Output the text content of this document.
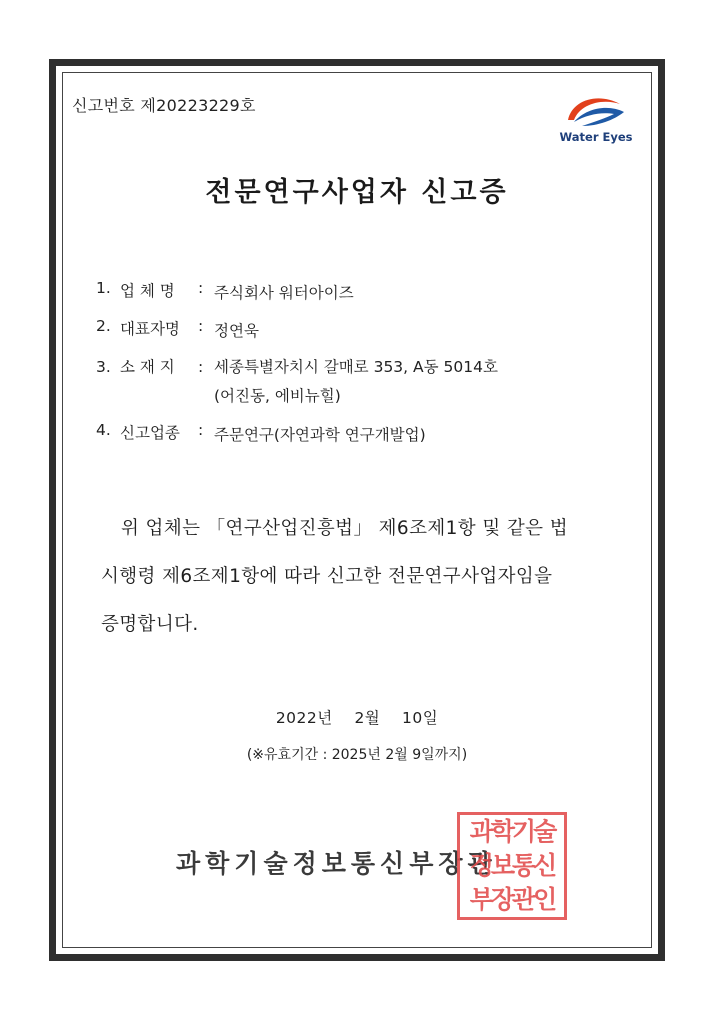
신고번호 제20223229호
Water Eyes
전문연구사업자 신고증
1. 업 체 명	: 주식회사 워터아이즈
2. 대표자명	: 정연욱
3. 소 재 지	: 세종특별자치시 갈매로 353, A동 5014호
(어진동, 에비뉴힐)
4. 신고업종	: 주문연구(자연과학 연구개발업)
위 업체는 「연구산업진흥법」 제6조제1항 및 같은 법
시행령 제6조제1항에 따라 신고한 전문연구사업자임을
증명합니다.
2022년    2월    10일
(※유효기간 : 2025년 2월 9일까지)
과학기술정보통신부장관
과학기술
정보통신
부장관인
